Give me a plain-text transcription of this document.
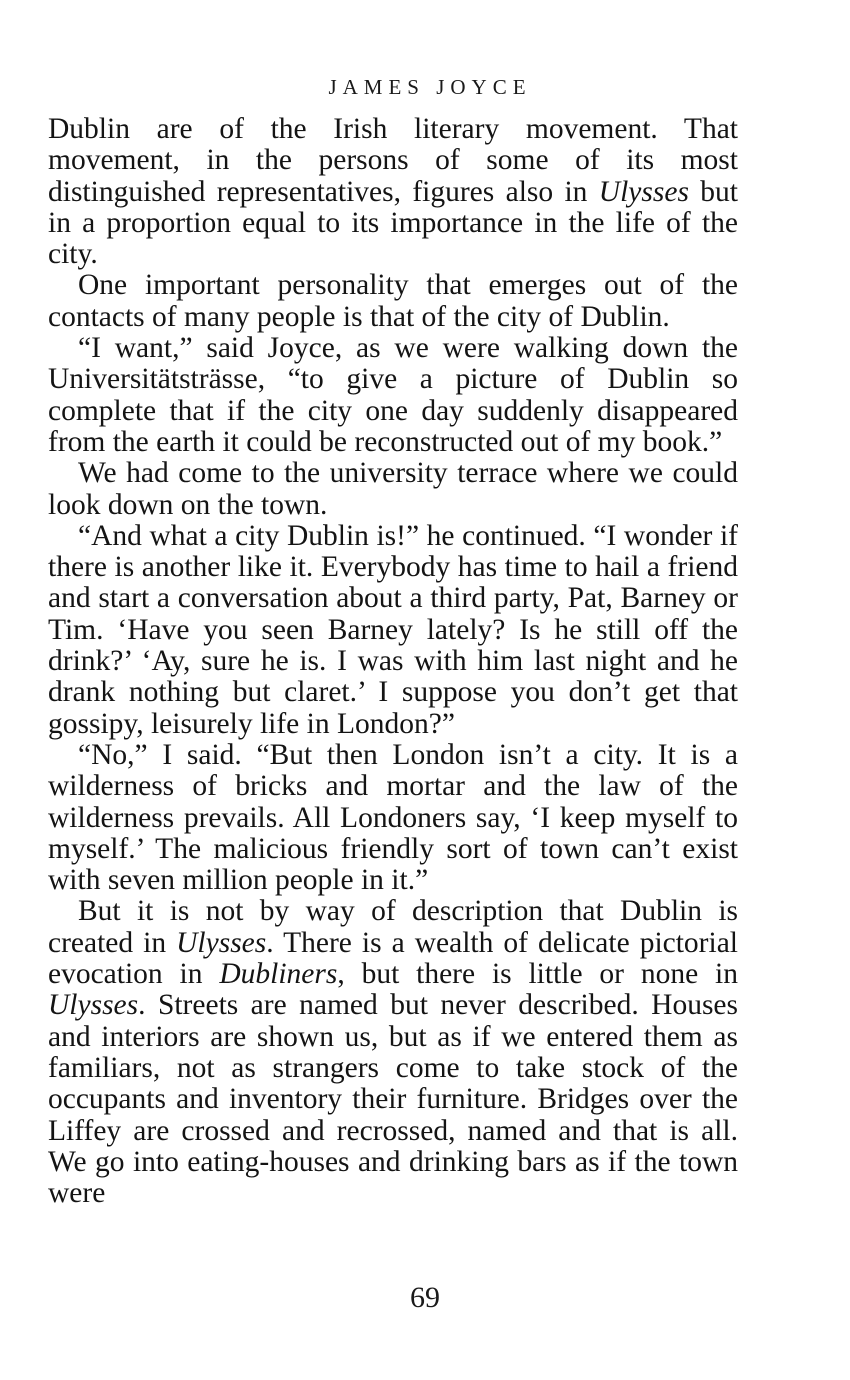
JAMES JOYCE

Dublin are of the Irish literary movement. That movement, in the persons of some of its most distinguished representatives, figures also in Ulysses but in a proportion equal to its importance in the life of the city.

One important personality that emerges out of the contacts of many people is that of the city of Dublin.

“I want,” said Joyce, as we were walking down the Universitätsträsse, “to give a picture of Dublin so complete that if the city one day suddenly disappeared from the earth it could be reconstructed out of my book.”

We had come to the university terrace where we could look down on the town.

“And what a city Dublin is!” he continued. “I wonder if there is another like it. Everybody has time to hail a friend and start a conversation about a third party, Pat, Barney or Tim. ‘Have you seen Barney lately? Is he still off the drink?’ ‘Ay, sure he is. I was with him last night and he drank nothing but claret.’ I suppose you don’t get that gossipy, leisurely life in London?”

“No,” I said. “But then London isn’t a city. It is a wilderness of bricks and mortar and the law of the wilderness prevails. All Londoners say, ‘I keep myself to myself.’ The malicious friendly sort of town can’t exist with seven million people in it.”

But it is not by way of description that Dublin is created in Ulysses. There is a wealth of delicate pictorial evocation in Dubliners, but there is little or none in Ulysses. Streets are named but never described. Houses and interiors are shown us, but as if we entered them as familiars, not as strangers come to take stock of the occupants and inventory their furniture. Bridges over the Liffey are crossed and recrossed, named and that is all. We go into eating-houses and drinking bars as if the town were

69
